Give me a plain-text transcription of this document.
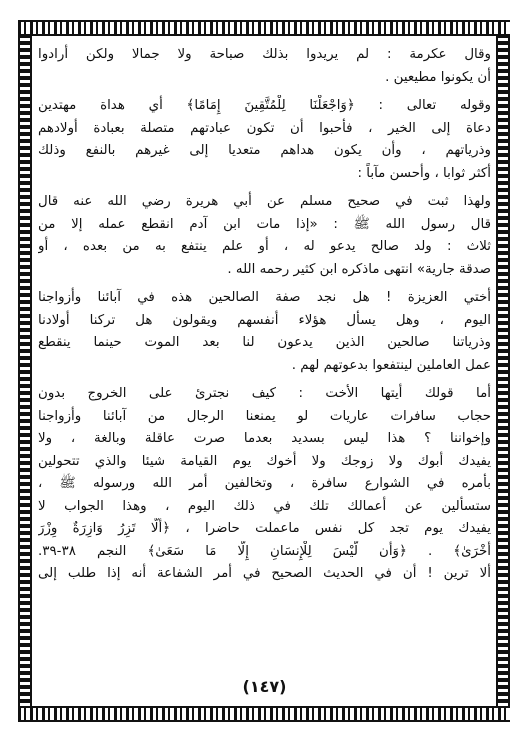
وقال عكرمة : لم يريدوا بذلك صباحة ولا جمالا ولكن أرادوا
أن يكونوا مطيعين .
وقوله تعالى : ﴿وَاجْعَلْنَا لِلْمُتَّقِينَ إِمَامًا﴾ أي هداة مهتدين
دعاة إلى الخير ، فأحبوا أن تكون عبادتهم متصلة بعبادة أولادهم
وذرياتهم ، وأن يكون هداهم متعديا إلى غيرهم بالنفع وذلك
أكثر ثوابا ، وأحسن مآباً :
ولهذا ثبت في صحيح مسلم عن أبي هريرة رضي الله عنه قال
قال رسول الله ﷺ : «إذا مات ابن آدم انقطع عمله إلا من
ثلاث : ولد صالح يدعو له ، أو علم ينتفع به من بعده ، أو
صدقة جارية» انتهى ماذكره ابن كثير رحمه الله .
أختي العزيزة ! هل نجد صفة الصالحين هذه في آبائنا وأزواجنا
اليوم ، وهل يسأل هؤلاء أنفسهم ويقولون هل تركنا أولادنا
وذرياتنا صالحين الذين يدعون لنا بعد الموت حينما ينقطع
عمل العاملين لينتفعوا بدعوتهم لهم .
أما قولك أيتها الأخت : كيف نجترئ على الخروج بدون
حجاب سافرات عاريات لو يمنعنا الرجال من آبائنا وأزواجنا
وإخواننا ؟ هذا ليس بسديد بعدما صرت عاقلة وبالغة ، ولا
يفيدك أبوك ولا زوجك ولا أخوك يوم القيامة شيئا والذي تتحولين
بأمره في الشوارع سافرة ، وتخالفين أمر الله ورسوله ﷺ ،
ستسألين عن أعمالك تلك في ذلك اليوم ، وهذا الجواب لا
يفيدك يوم تجد كل نفس ماعملت حاضرا ، ﴿أَلَّا تَزِرُ وَازِرَةٌ وِزْرَ
أُخْرَىٰ﴾ . ﴿وَأَن لَّيْسَ لِلْإِنسَانِ إِلَّا مَا سَعَىٰ﴾ النجم ٣٨-٣٩.
ألا ترين ! أن في الحديث الصحيح في أمر الشفاعة أنه إذا طلب إلى
(١٤٧)
